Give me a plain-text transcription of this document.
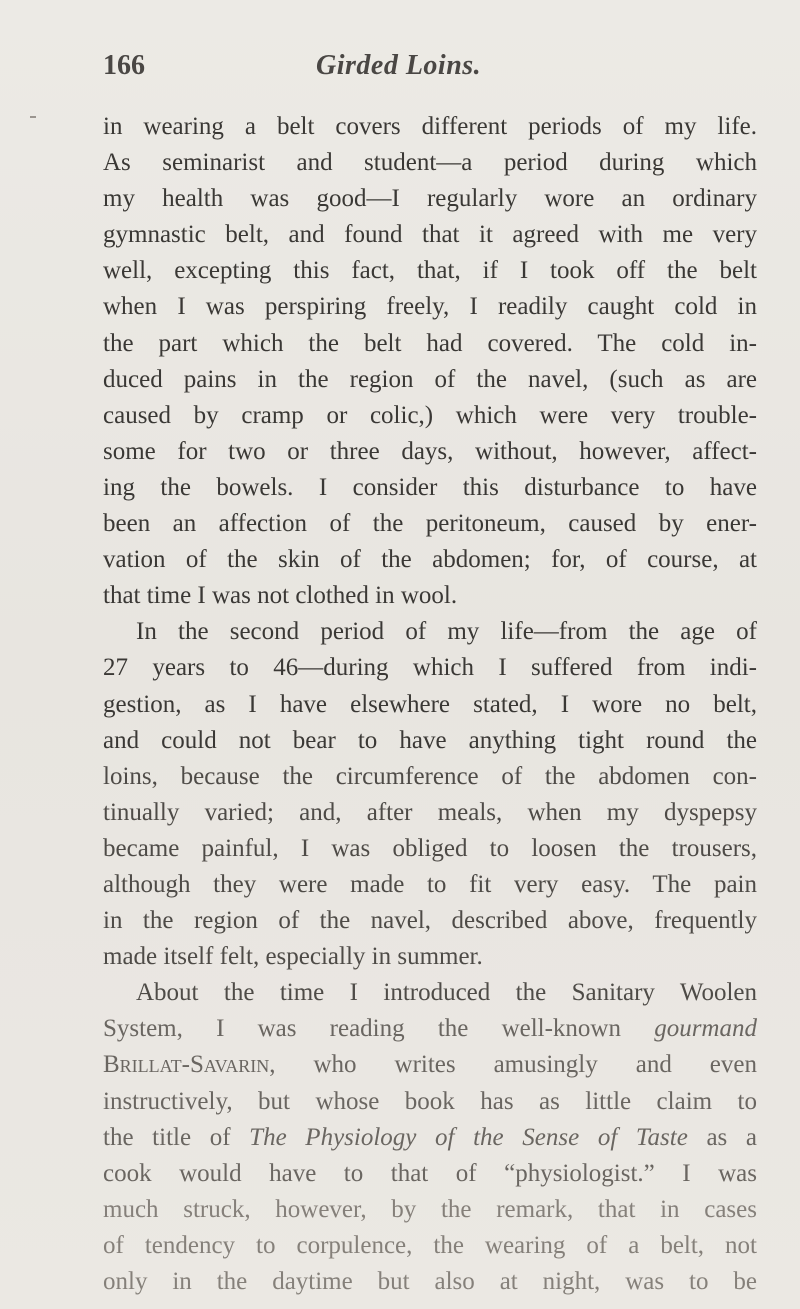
166	Girded Loins.
in wearing a belt covers different periods of my life.
As seminarist and student—a period during which
my health was good—I regularly wore an ordinary
gymnastic belt, and found that it agreed with me very
well, excepting this fact, that, if I took off the belt
when I was perspiring freely, I readily caught cold in
the part which the belt had covered. The cold in-
duced pains in the region of the navel, (such as are
caused by cramp or colic,) which were very trouble-
some for two or three days, without, however, affect-
ing the bowels. I consider this disturbance to have
been an affection of the peritoneum, caused by ener-
vation of the skin of the abdomen; for, of course, at
that time I was not clothed in wool.
In the second period of my life—from the age of
27 years to 46—during which I suffered from indi-
gestion, as I have elsewhere stated, I wore no belt,
and could not bear to have anything tight round the
loins, because the circumference of the abdomen con-
tinually varied; and, after meals, when my dyspepsy
became painful, I was obliged to loosen the trousers,
although they were made to fit very easy. The pain
in the region of the navel, described above, frequently
made itself felt, especially in summer.
About the time I introduced the Sanitary Woolen
System, I was reading the well-known gourmand
Brillat-Savarin, who writes amusingly and even
instructively, but whose book has as little claim to
the title of The Physiology of the Sense of Taste as a
cook would have to that of “physiologist.” I was
much struck, however, by the remark, that in cases
of tendency to corpulence, the wearing of a belt, not
only in the daytime but also at night, was to be
